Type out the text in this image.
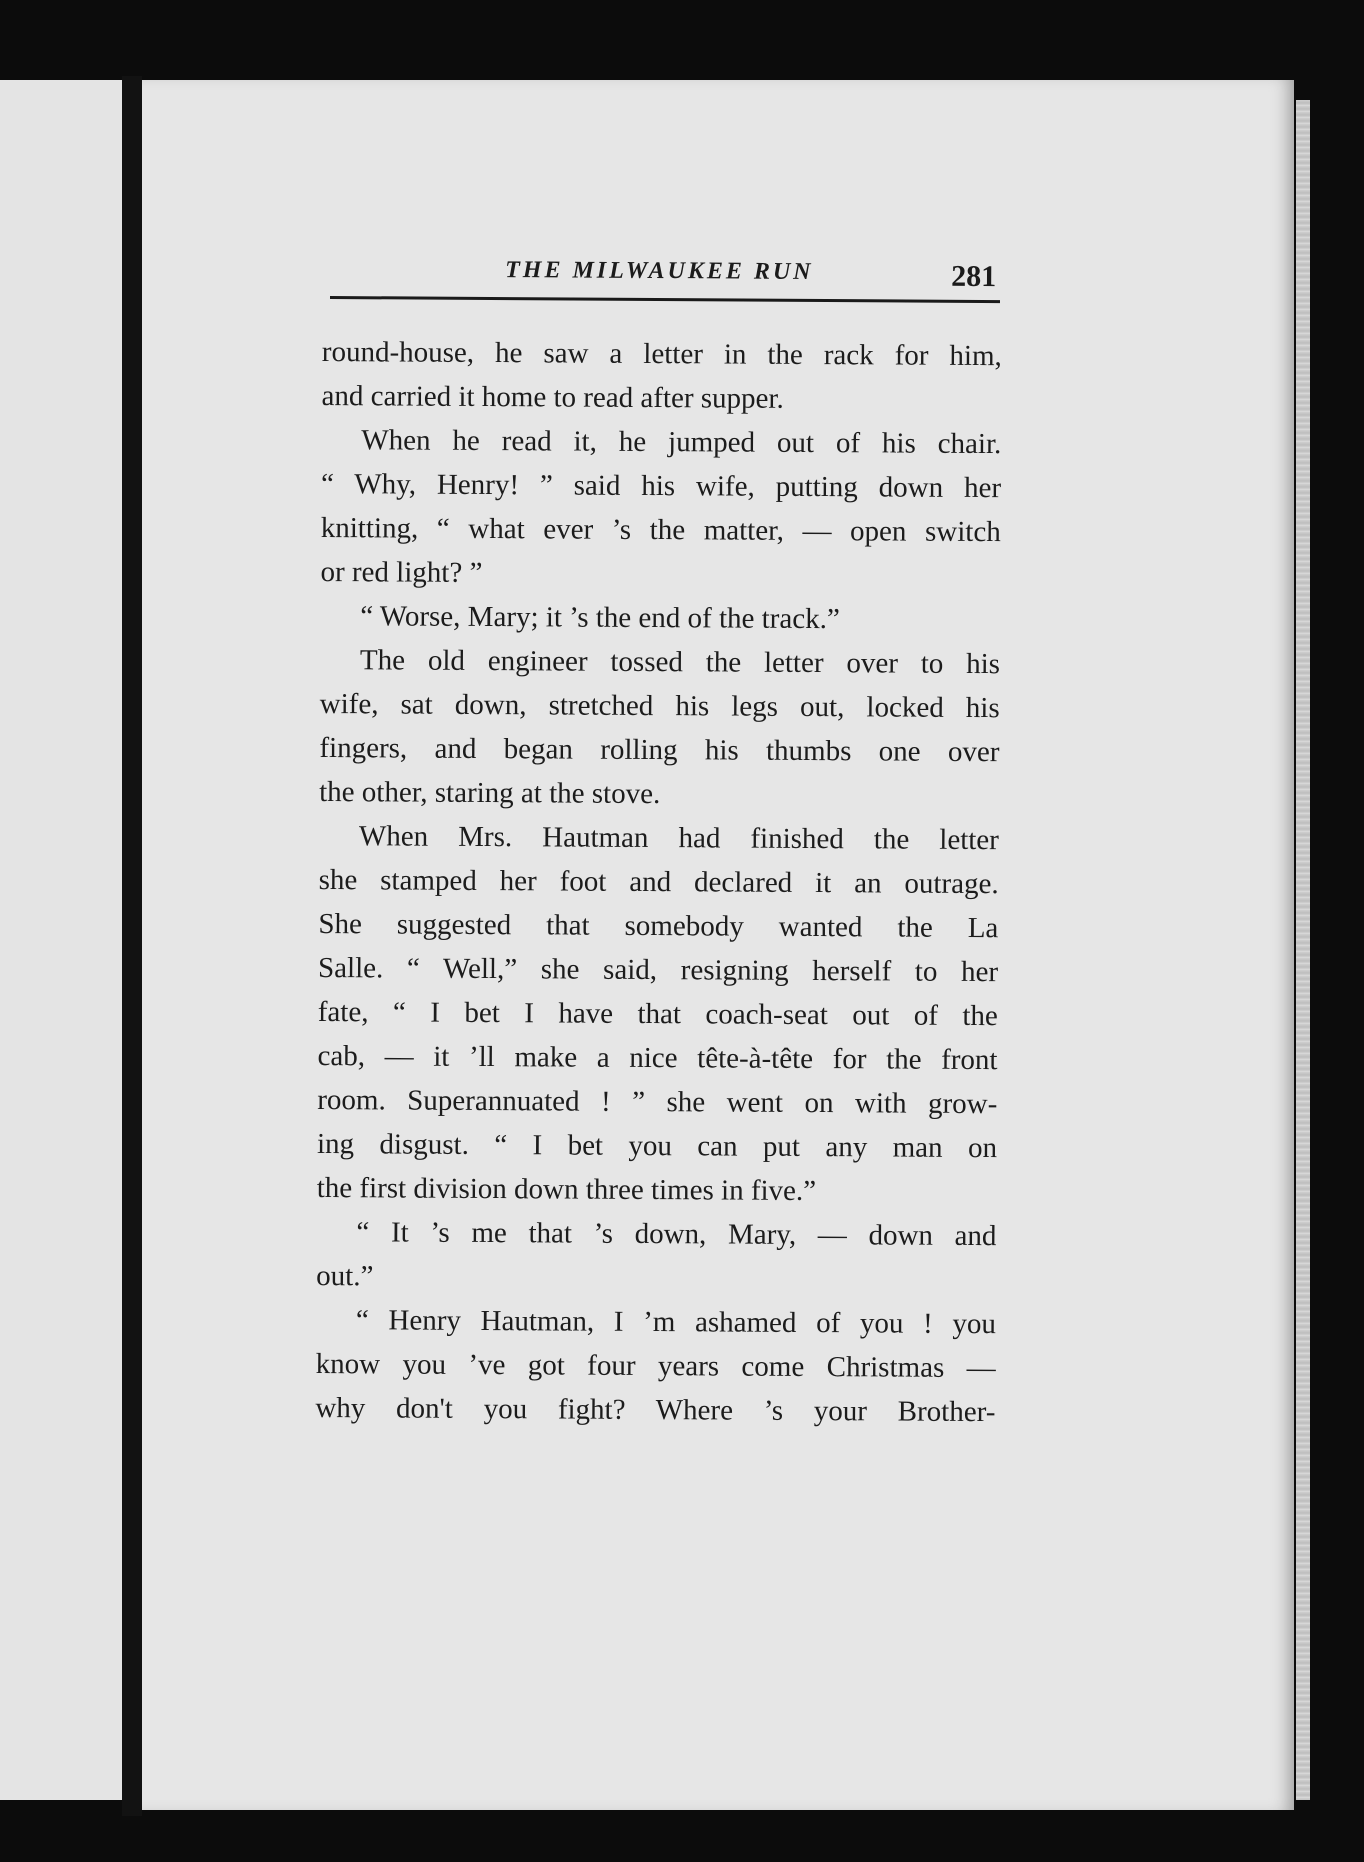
THE MILWAUKEE RUN	281
round-house, he saw a letter in the rack for him,
and carried it home to read after supper.
When he read it, he jumped out of his chair.
“ Why, Henry! ” said his wife, putting down her
knitting, “ what ever ’s the matter, — open switch
or red light? ”
“ Worse, Mary; it ’s the end of the track.”
The old engineer tossed the letter over to his
wife, sat down, stretched his legs out, locked his
fingers, and began rolling his thumbs one over
the other, staring at the stove.
When Mrs. Hautman had finished the letter
she stamped her foot and declared it an outrage.
She suggested that somebody wanted the La
Salle. “ Well,” she said, resigning herself to her
fate, “ I bet I have that coach-seat out of the
cab, — it ’ll make a nice tête-à-tête for the front
room. Superannuated ! ” she went on with grow-
ing disgust. “ I bet you can put any man on
the first division down three times in five.”
“ It ’s me that ’s down, Mary, — down and
out.”
“ Henry Hautman, I ’m ashamed of you ! you
know you ’ve got four years come Christmas —
why don't you fight? Where ’s your Brother-
